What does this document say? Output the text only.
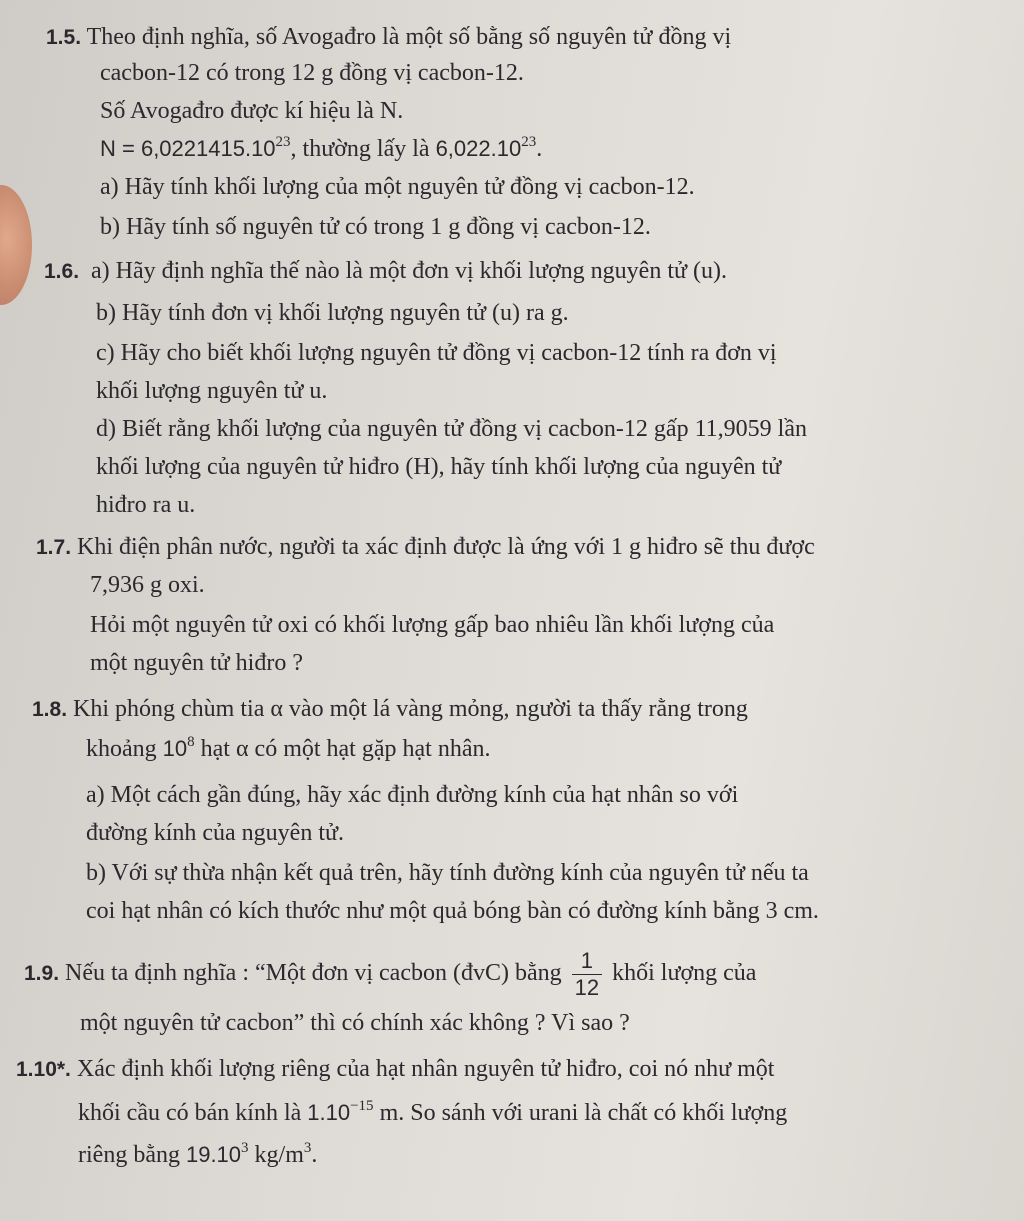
1.5. Theo định nghĩa, số Avogađro là một số bằng số nguyên tử đồng vị
cacbon-12 có trong 12 g đồng vị cacbon-12.
Số Avogađro được kí hiệu là N.
$N = 6,0221415.10^{23}$, thường lấy là 6,022.10$^{23}$.
a) Hãy tính khối lượng của một nguyên tử đồng vị cacbon-12.
b) Hãy tính số nguyên tử có trong 1 g đồng vị cacbon-12.
1.6. a) Hãy định nghĩa thế nào là một đơn vị khối lượng nguyên tử (u).
b) Hãy tính đơn vị khối lượng nguyên tử (u) ra g.
c) Hãy cho biết khối lượng nguyên tử đồng vị cacbon-12 tính ra đơn vị
khối lượng nguyên tử u.
d) Biết rằng khối lượng của nguyên tử đồng vị cacbon-12 gấp 11,9059 lần
khối lượng của nguyên tử hiđro (H), hãy tính khối lượng của nguyên tử
hiđro ra u.
1.7. Khi điện phân nước, người ta xác định được là ứng với 1 g hiđro sẽ thu được
7,936 g oxi.
Hỏi một nguyên tử oxi có khối lượng gấp bao nhiêu lần khối lượng của
một nguyên tử hiđro ?
1.8. Khi phóng chùm tia α vào một lá vàng mỏng, người ta thấy rằng trong
khoảng $10^8$ hạt α có một hạt gặp hạt nhân.
a) Một cách gần đúng, hãy xác định đường kính của hạt nhân so với
đường kính của nguyên tử.
b) Với sự thừa nhận kết quả trên, hãy tính đường kính của nguyên tử nếu ta
coi hạt nhân có kích thước như một quả bóng bàn có đường kính bằng 3 cm.
1.9. Nếu ta định nghĩa : “Một đơn vị cacbon (đvC) bằng $\frac{1}{12}$ khối lượng của
một nguyên tử cacbon” thì có chính xác không ? Vì sao ?
1.10*. Xác định khối lượng riêng của hạt nhân nguyên tử hiđro, coi nó như một
khối cầu có bán kính là $1.10^{-15}$ m. So sánh với urani là chất có khối lượng
riêng bằng 19.10$^3$ $kg/m^3$.
